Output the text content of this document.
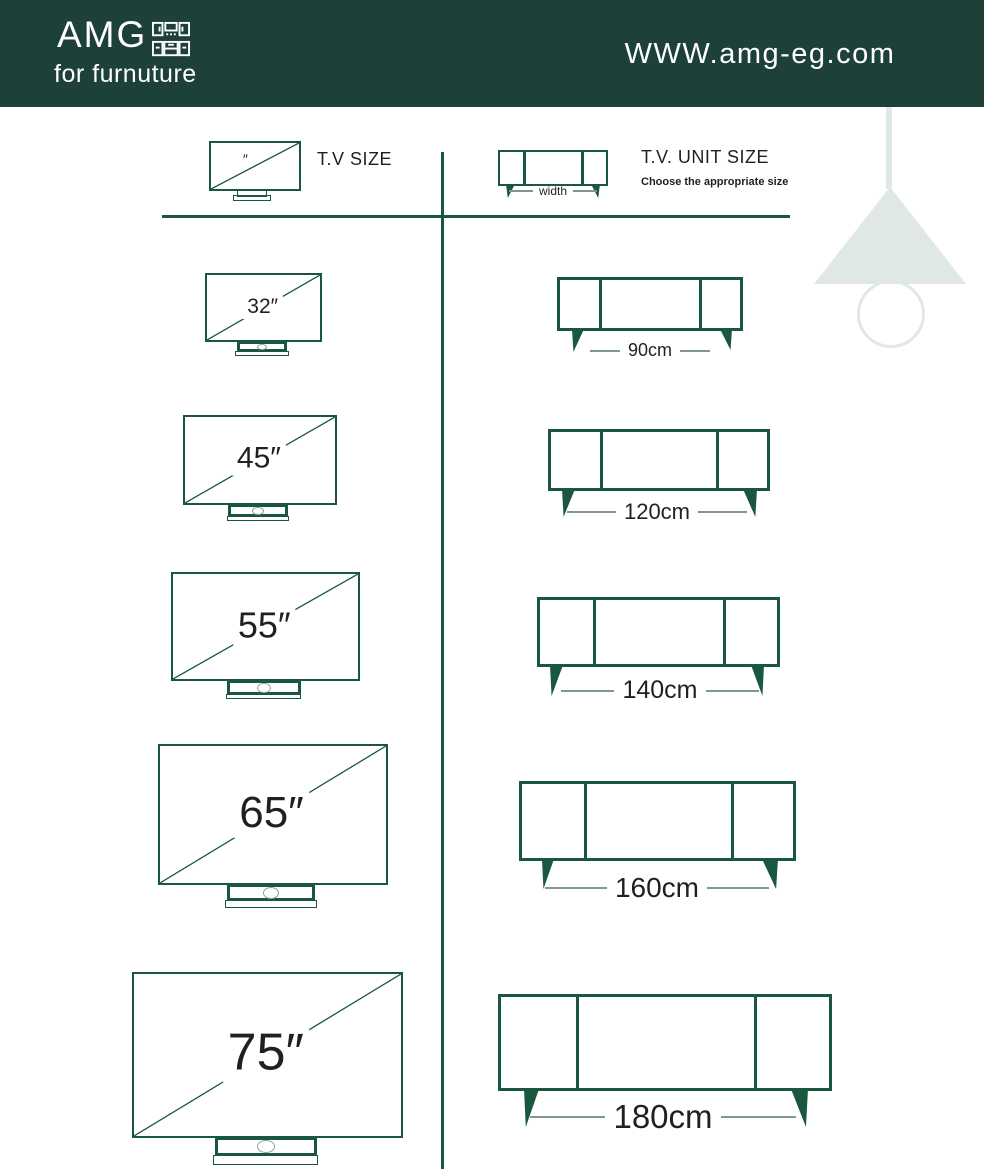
AMG
for furnuture
WWW.amg-eg.com
″	T.V SIZE
width
T.V. UNIT SIZE
Choose the appropriate size
32″
45″
55″
65″
75″
90cm
120cm
140cm
160cm
180cm
